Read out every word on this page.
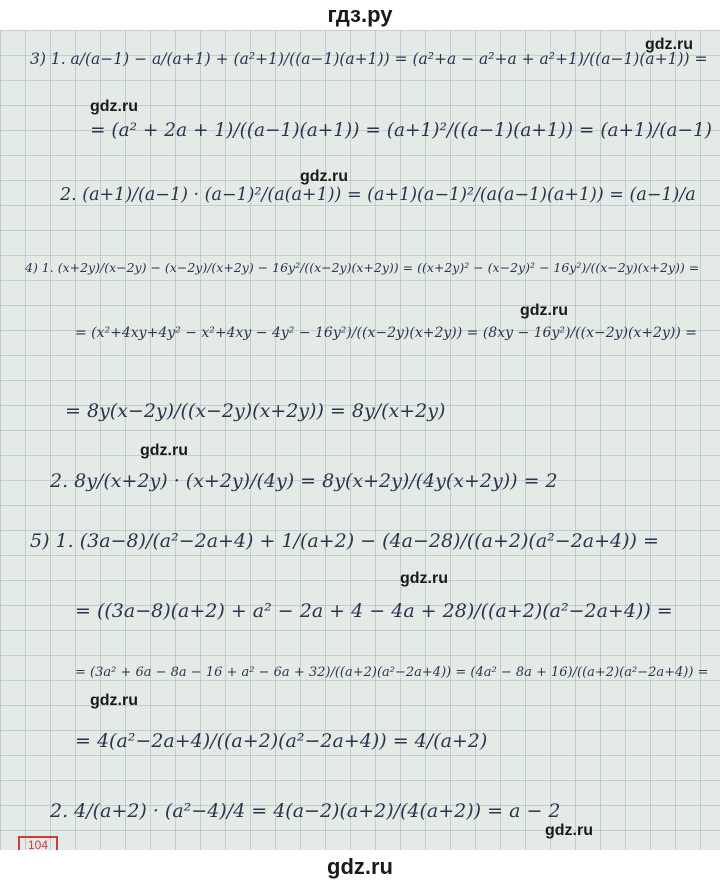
гдз.ру
3) 1. a/(a−1) − a/(a+1) + (a²+1)/((a−1)(a+1)) = (a²+a − a²+a + a²+1)/((a−1)(a+1)) =
= (a² + 2a + 1)/((a−1)(a+1)) = (a+1)²/((a−1)(a+1)) = (a+1)/(a−1)
2. (a+1)/(a−1) · (a−1)²/(a(a+1)) = (a+1)(a−1)²/(a(a−1)(a+1)) = (a−1)/a
4) 1. (x+2y)/(x−2y) − (x−2y)/(x+2y) − 16y²/((x−2y)(x+2y)) = ((x+2y)² − (x−2y)² − 16y²)/((x−2y)(x+2y)) =
= (x²+4xy+4y² − x²+4xy − 4y² − 16y²)/((x−2y)(x+2y)) = (8xy − 16y²)/((x−2y)(x+2y)) =
= 8y(x−2y)/((x−2y)(x+2y)) = 8y/(x+2y)
2. 8y/(x+2y) · (x+2y)/(4y) = 8y(x+2y)/(4y(x+2y)) = 2
5) 1. (3a−8)/(a²−2a+4) + 1/(a+2) − (4a−28)/((a+2)(a²−2a+4)) =
= ((3a−8)(a+2) + a² − 2a + 4 − 4a + 28)/((a+2)(a²−2a+4)) =
= (3a² + 6a − 8a − 16 + a² − 6a + 32)/((a+2)(a²−2a+4)) = (4a² − 8a + 16)/((a+2)(a²−2a+4)) =
= 4(a²−2a+4)/((a+2)(a²−2a+4)) = 4/(a+2)
2. 4/(a+2) · (a²−4)/4 = 4(a−2)(a+2)/(4(a+2)) = a − 2
gdz.ru
gdz.ru
gdz.ru
gdz.ru
gdz.ru
gdz.ru
gdz.ru
gdz.ru
104
gdz.ru
